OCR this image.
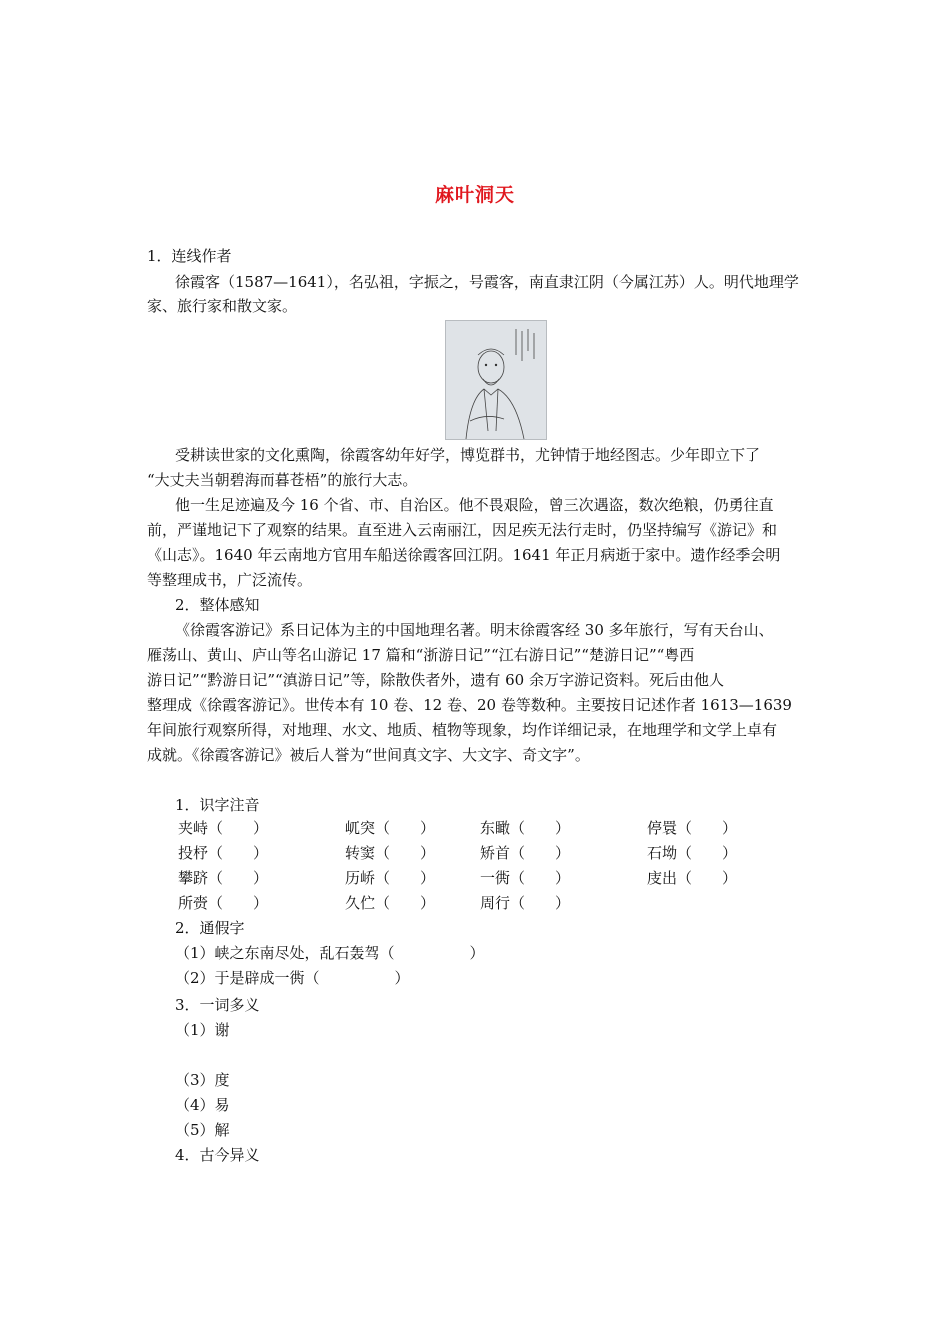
麻叶洞天
1．连线作者
徐霞客（1587—1641），名弘祖，字振之，号霞客，南直隶江阴（今属江苏）人。明代地理学
家、旅行家和散文家。
受耕读世家的文化熏陶，徐霞客幼年好学，博览群书，尤钟情于地经图志。少年即立下了
“大丈夫当朝碧海而暮苍梧”的旅行大志。
他一生足迹遍及今 16 个省、市、自治区。他不畏艰险，曾三次遇盗，数次绝粮，仍勇往直
前，严谨地记下了观察的结果。直至进入云南丽江，因足疾无法行走时，仍坚持编写《游记》和
《山志》。1640 年云南地方官用车船送徐霞客回江阴。1641 年正月病逝于家中。遗作经季会明
等整理成书，广泛流传。
2．整体感知
《徐霞客游记》系日记体为主的中国地理名著。明末徐霞客经 30 多年旅行，写有天台山、
雁荡山、黄山、庐山等名山游记 17 篇和“浙游日记”“江右游日记”“楚游日记”“粤西
游日记”“黔游日记”“滇游日记”等，除散佚者外，遗有 60 余万字游记资料。死后由他人
整理成《徐霞客游记》。世传本有 10 卷、12 卷、20 卷等数种。主要按日记述作者 1613—1639
年间旅行观察所得，对地理、水文、地质、植物等现象，均作详细记录，在地理学和文学上卓有
成就。《徐霞客游记》被后人誉为“世间真文字、大文字、奇文字”。
1．识字注音
夹峙（　　）	屼突（　　）	东瞰（　　）	停睘（　　）
投杼（　　）	转窦（　　）	矫首（　　）	石坳（　　）
攀跻（　　）	历峤（　　）	一衖（　　）	庋出（　　）
所赍（　　）	久伫（　　）	周行（　　）
2．通假字
（1）峡之东南尽处，乱石轰驾（　　　　　）
（2）于是辟成一衖（　　　　　）
3．一词多义
（1）谢
（3）度
（4）易
（5）解
4．古今异义
